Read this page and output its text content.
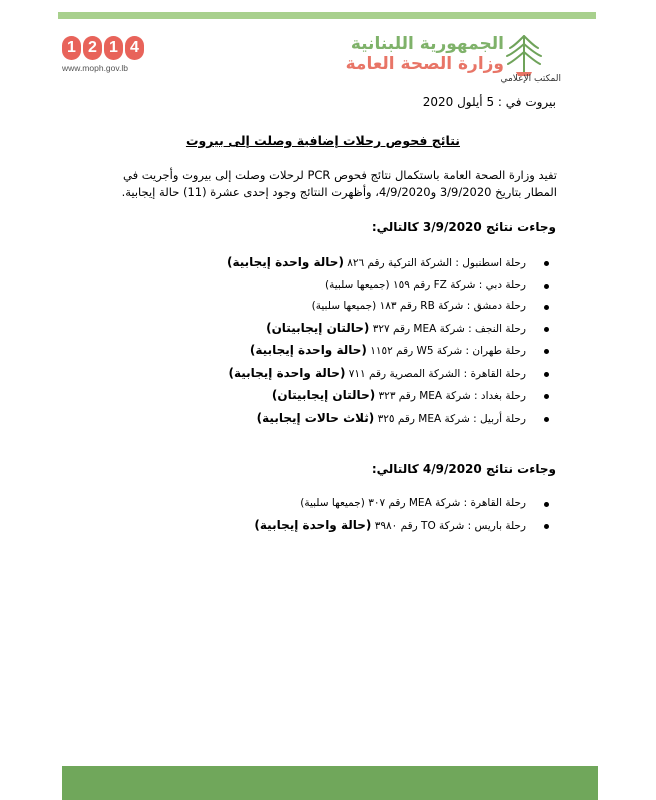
1 2 1 4
www.moph.gov.lb
الجمهورية اللبنانية
وزارة الصحة العامة
المكتب الإعلامي
بيروت في : 5 أيلول 2020
نتائج فحوص رحلات إضافية وصلت إلى بيروت
تفيد وزارة الصحة العامة باستكمال نتائج فحوص PCR لرحلات وصلت إلى بيروت وأجريت في المطار بتاريخ 3/9/2020 و4/9/2020، وأظهرت النتائج وجود إحدى عشرة (11) حالة إيجابية.
وجاءت نتائج 3/9/2020 كالتالي:
رحلة اسطنبول : الشركة التركية رقم ٨٢٦ (حالة واحدة إيجابية)
رحلة دبي : شركة FZ رقم ١٥٩ (جميعها سلبية)
رحلة دمشق : شركة RB رقم ١٨٣ (جميعها سلبية)
رحلة النجف : شركة MEA رقم ٣٢٧ (حالتان إيجابيتان)
رحلة طهران : شركة W5 رقم ١١٥٢ (حالة واحدة إيجابية)
رحلة القاهرة : الشركة المصرية رقم ٧١١ (حالة واحدة إيجابية)
رحلة بغداد : شركة MEA رقم ٣٢٣ (حالتان إيجابيتان)
رحلة أربيل : شركة MEA رقم ٣٢٥ (ثلاث حالات إيجابية)
وجاءت نتائج 4/9/2020 كالتالي:
رحلة القاهرة : شركة MEA رقم ٣٠٧ (جميعها سلبية)
رحلة باريس : شركة TO رقم ٣٩٨٠ (حالة واحدة إيجابية)
